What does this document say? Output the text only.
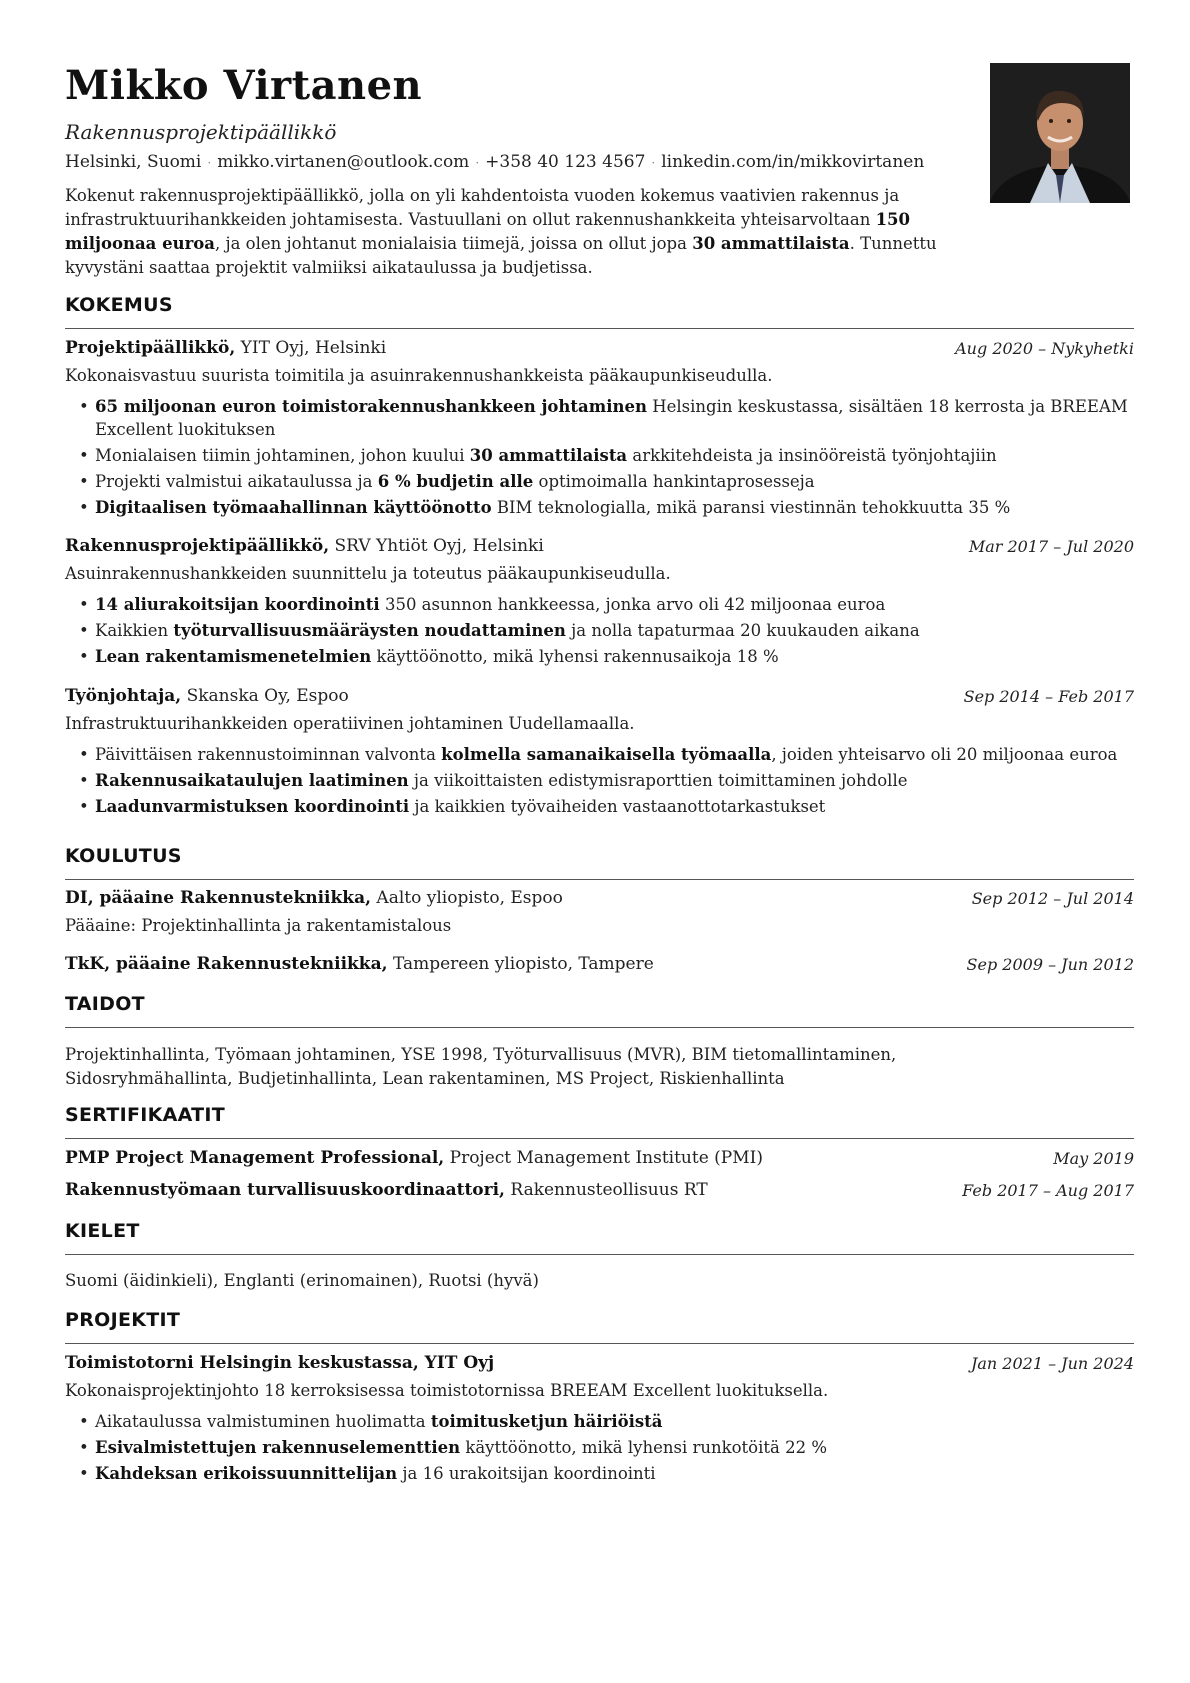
Mikko Virtanen
Rakennusprojektipäällikkö
Helsinki, Suomi · mikko.virtanen@outlook.com · +358 40 123 4567 · linkedin.com/in/mikkovirtanen
Kokenut rakennusprojektipäällikkö, jolla on yli kahdentoista vuoden kokemus vaativien rakennus ja infrastruktuurihankkeiden johtamisesta. Vastuullani on ollut rakennushankkeita yhteisarvoltaan 150 miljoonaa euroa, ja olen johtanut monialaisia tiimejä, joissa on ollut jopa 30 ammattilaista. Tunnettu kyvystäni saattaa projektit valmiiksi aikataulussa ja budjetissa.
KOKEMUS
Projektipäällikkö, YIT Oyj, Helsinki	Aug 2020 – Nykyhetki
Kokonaisvastuu suurista toimitila ja asuinrakennushankkeista pääkaupunkiseudulla.
• 65 miljoonan euron toimistorakennushankkeen johtaminen Helsingin keskustassa, sisältäen 18 kerrosta ja BREEAM Excellent luokituksen
• Monialaisen tiimin johtaminen, johon kuului 30 ammattilaista arkkitehdeista ja insinööreistä työnjohtajiin
• Projekti valmistui aikataulussa ja 6 % budjetin alle optimoimalla hankintaprosesseja
• Digitaalisen työmaahallinnan käyttöönotto BIM teknologialla, mikä paransi viestinnän tehokkuutta 35 %
Rakennusprojektipäällikkö, SRV Yhtiöt Oyj, Helsinki	Mar 2017 – Jul 2020
Asuinrakennushankkeiden suunnittelu ja toteutus pääkaupunkiseudulla.
• 14 aliurakoitsijan koordinointi 350 asunnon hankkeessa, jonka arvo oli 42 miljoonaa euroa
• Kaikkien työturvallisuusmääräysten noudattaminen ja nolla tapaturmaa 20 kuukauden aikana
• Lean rakentamismenetelmien käyttöönotto, mikä lyhensi rakennusaikoja 18 %
Työnjohtaja, Skanska Oy, Espoo	Sep 2014 – Feb 2017
Infrastruktuurihankkeiden operatiivinen johtaminen Uudellamaalla.
• Päivittäisen rakennustoiminnan valvonta kolmella samanaikaisella työmaalla, joiden yhteisarvo oli 20 miljoonaa euroa
• Rakennusaikataulujen laatiminen ja viikoittaisten edistymisraporttien toimittaminen johdolle
• Laadunvarmistuksen koordinointi ja kaikkien työvaiheiden vastaanottotarkastukset
KOULUTUS
DI, pääaine Rakennustekniikka, Aalto yliopisto, Espoo	Sep 2012 – Jul 2014
Pääaine: Projektinhallinta ja rakentamistalous
TkK, pääaine Rakennustekniikka, Tampereen yliopisto, Tampere	Sep 2009 – Jun 2012
TAIDOT
Projektinhallinta, Työmaan johtaminen, YSE 1998, Työturvallisuus (MVR), BIM tietomallintaminen, Sidosryhmähallinta, Budjetinhallinta, Lean rakentaminen, MS Project, Riskienhallinta
SERTIFIKAATIT
PMP Project Management Professional, Project Management Institute (PMI)	May 2019
Rakennustyömaan turvallisuuskoordinaattori, Rakennusteollisuus RT	Feb 2017 – Aug 2017
KIELET
Suomi (äidinkieli), Englanti (erinomainen), Ruotsi (hyvä)
PROJEKTIT
Toimistotorni Helsingin keskustassa, YIT Oyj	Jan 2021 – Jun 2024
Kokonaisprojektinjohto 18 kerroksisessa toimistotornissa BREEAM Excellent luokituksella.
• Aikataulussa valmistuminen huolimatta toimitusketjun häiriöistä
• Esivalmistettujen rakennuselementtien käyttöönotto, mikä lyhensi runkotöitä 22 %
• Kahdeksan erikoissuunnittelijan ja 16 urakoitsijan koordinointi
